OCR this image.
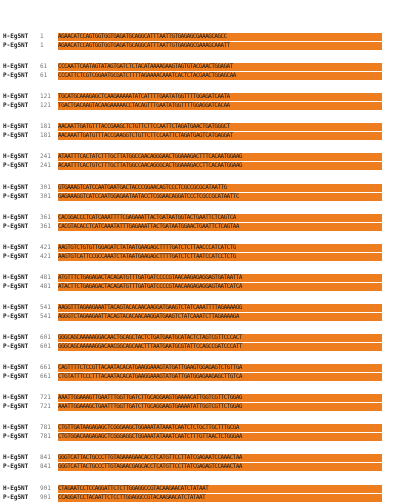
H-Eg5NT	1	AGAACATCCAGTGGTGGTGAGATGCAGGCATTTAATTGTGAGAGCGAAAGCAGCC
P-Eg5NT	1	AGAACATCCAGTGGTGGTGAGATGCAGGCATTTAATTGTGAGAGCGAAAGCAAATT
H-Eg5NT	61	CCCAATTCAATAGTATAGTGATCTCTACATAAAAGAAGTAGTGTACGAACTGGAGAT
P-Eg5NT	61	CCCATTCTCGTCGGAATGCGATCTTTTAGAAAACAAATCACTCTACGAACTGGAGCAA
H-Eg5NT	121	TGCATGCAAAGAGCTCAAGAAAAATATCATTTTGAATATGGTTTTGGAGATCAATA
P-Eg5NT	121	TGACTGACAAGTACAAGAAAAACCTACAGTTTGAATATGGTTTTGGAGGATCACAA
H-Eg5NT	181	AACAATTGATGTTTACCGAAGCTCTGTTCTTCCAATTCTAGATGAACTGATGGGCT
P-Eg5NT	181	AACAAATTGATGTTTACCGAAGGTCTGTTCTTCCAATTCTAGATGAGTCATGAGGAT
H-Eg5NT	241	ATAATTTCACTATCTTTGCTTATGGCCAACAGGGAACTGGAAAGACTTTCACAATGGAAG
P-Eg5NT	241	ACAATTTCACTGTCTTTGCTTATGGCCAACAGGGCACTGGAAAGACCTTCACAATGGAAG
H-Eg5NT	301	GTGAAAGTCATCCAATGAATGACTACCCGGAACAGTCCCTCGCCGCGCATAATTG
P-Eg5NT	301	GAGAAAGGTCATCCAATGGAGAATAATACCTCGGAACAGGATCCCTCGCCGCATAATTC
H-Eg5NT	361	CACGGACCCTCATCAAATTTTCGAGAAATTACTGATAATGGTACTGAATTCTCAGTCA
P-Eg5NT	361	CACGTACACCTCATCAAATATTTGAGAAATTACTGATAATGGAACTGAATTCTCAGTAA
H-Eg5NT	421	AAGTGTCTGTGTTGGAGATCTATAATGAAGAGCTTTTGATCTCTTAACCCATCATCTG
P-Eg5NT	421	AAGTGTCATTCCGCCAAATCTATAATGAAGAGCTTTTGATCTCTTAATCCATCCTCTG
H-Eg5NT	481	ATGTTTCTGAGAGACTACAGATGTTTGATGATCCCCGTAACAAGAGAGGAGTGATAATTA
P-Eg5NT	481	ATACTTCTGAGAGACTACAGATGTTTGATGATCCCCGTAACAAGAGAGGAGTAATCATCA
H-Eg5NT	541	AAGGTTTAGAAGAAATTACAGTACACAACAAGGATGAAGTCTATCAAATTTTAGAAAAGG
P-Eg5NT	541	AGGGTCTAGAAGAATTACAGTACACAACAAGGATGAAGTCTATCAAATCTTAGAAAAGA
H-Eg5NT	601	GGGCAGCAAAAAGGACAACTGCAGCTACTCTGATGAATGCATACTCTAGTCGTTCCCACT
P-Eg5NT	601	GGGCAGCAAAAAGGACAACGGCAGCAACTTTAATGAATGCGTATTCCAGCCGATCCCATT
H-Eg5NT	661	CAGTTTTCTCCGTTACAATACACATGAAGGAAAGTATGATTGAAGTGGAGAGTCTGTTGA
P-Eg5NT	661	CTGTATTTCCCTTTACAATACACATGAAGGAAAGTATGATTGATGGAGAAGAGCTTGTCA
H-Eg5NT	721	AAATTGGAAAGTTGAATTTGGTTGATCTTGCAGGAAGTGAAAACATTGGTCGTTCTGGAG
P-Eg5NT	721	AAATTGGAAAGCTGAATTTGGTTGATCTTGCAGGAAGTGAAAATATTGGTCGTTCTGGAG
H-Eg5NT	781	CTGTTGATAAGAGAGCTCGGGAAGCTGGAAATATAAATCAATCTCTGCTTGCTTTGCGA
P-Eg5NT	781	CTGTGGACAAGAGAGCTCGGGAGGCTGGAAATATAAATCAATCTTTGTTAACTCTGGGAA
H-Eg5NT	841	GGGTCATTACTGCCCTTGTAGAAAGAACACCTCATGTTCCTTATCGAGAATCCAAACTAA
P-Eg5NT	841	GGGTCATTACTGCCCTTGTAGAACGAGCACCTCATGTTCCTTATCGAGAGTCCAAACTAA
H-Eg5NT	901	CTAGAATCCTCCAGGATTCTCTTGGAGGCCGTACAAGAACATCTATAAT
P-Eg5NT	901	CCAGGATCCTACAATTCTCCTTGGAGGCCGTACAAGAACATCTATAAT
